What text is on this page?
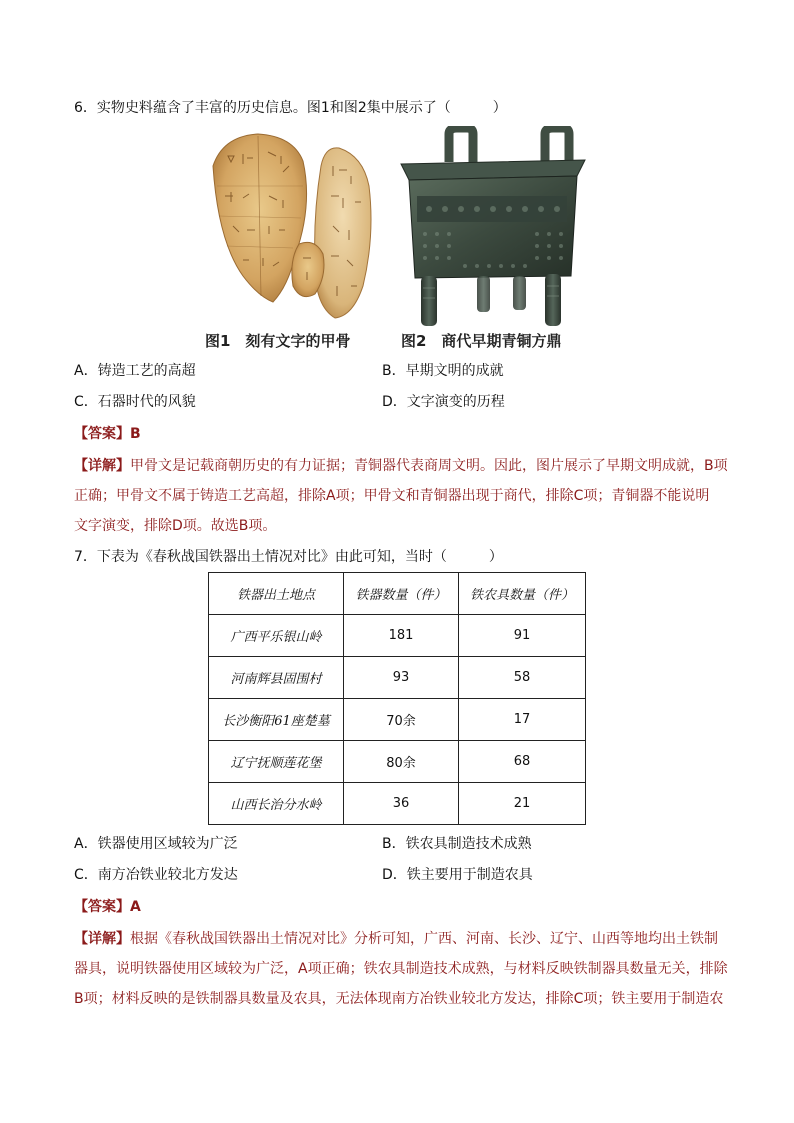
6．实物史料蕴含了丰富的历史信息。图1和图2集中展示了（　　　）
图1　刻有文字的甲骨	图2　商代早期青铜方鼎
A．铸造工艺的高超	B．早期文明的成就
C．石器时代的风貌	D．文字演变的历程
【答案】B
【详解】甲骨文是记载商朝历史的有力证据；青铜器代表商周文明。因此，图片展示了早期文明成就，B项
正确；甲骨文不属于铸造工艺高超，排除A项；甲骨文和青铜器出现于商代，排除C项；青铜器不能说明
文字演变，排除D项。故选B项。
7．下表为《春秋战国铁器出土情况对比》由此可知，当时（　　　）
铁器出土地点	铁器数量（件）	铁农具数量（件）
广西平乐银山岭	181	91
河南辉县固围村	93	58
长沙衡阳61座楚墓	70余	17
辽宁抚顺莲花堡	80余	68
山西长治分水岭	36	21
A．铁器使用区域较为广泛	B．铁农具制造技术成熟
C．南方冶铁业较北方发达	D．铁主要用于制造农具
【答案】A
【详解】根据《春秋战国铁器出土情况对比》分析可知，广西、河南、长沙、辽宁、山西等地均出土铁制
器具，说明铁器使用区域较为广泛，A项正确；铁农具制造技术成熟，与材料反映铁制器具数量无关，排除
B项；材料反映的是铁制器具数量及农具，无法体现南方冶铁业较北方发达，排除C项；铁主要用于制造农
